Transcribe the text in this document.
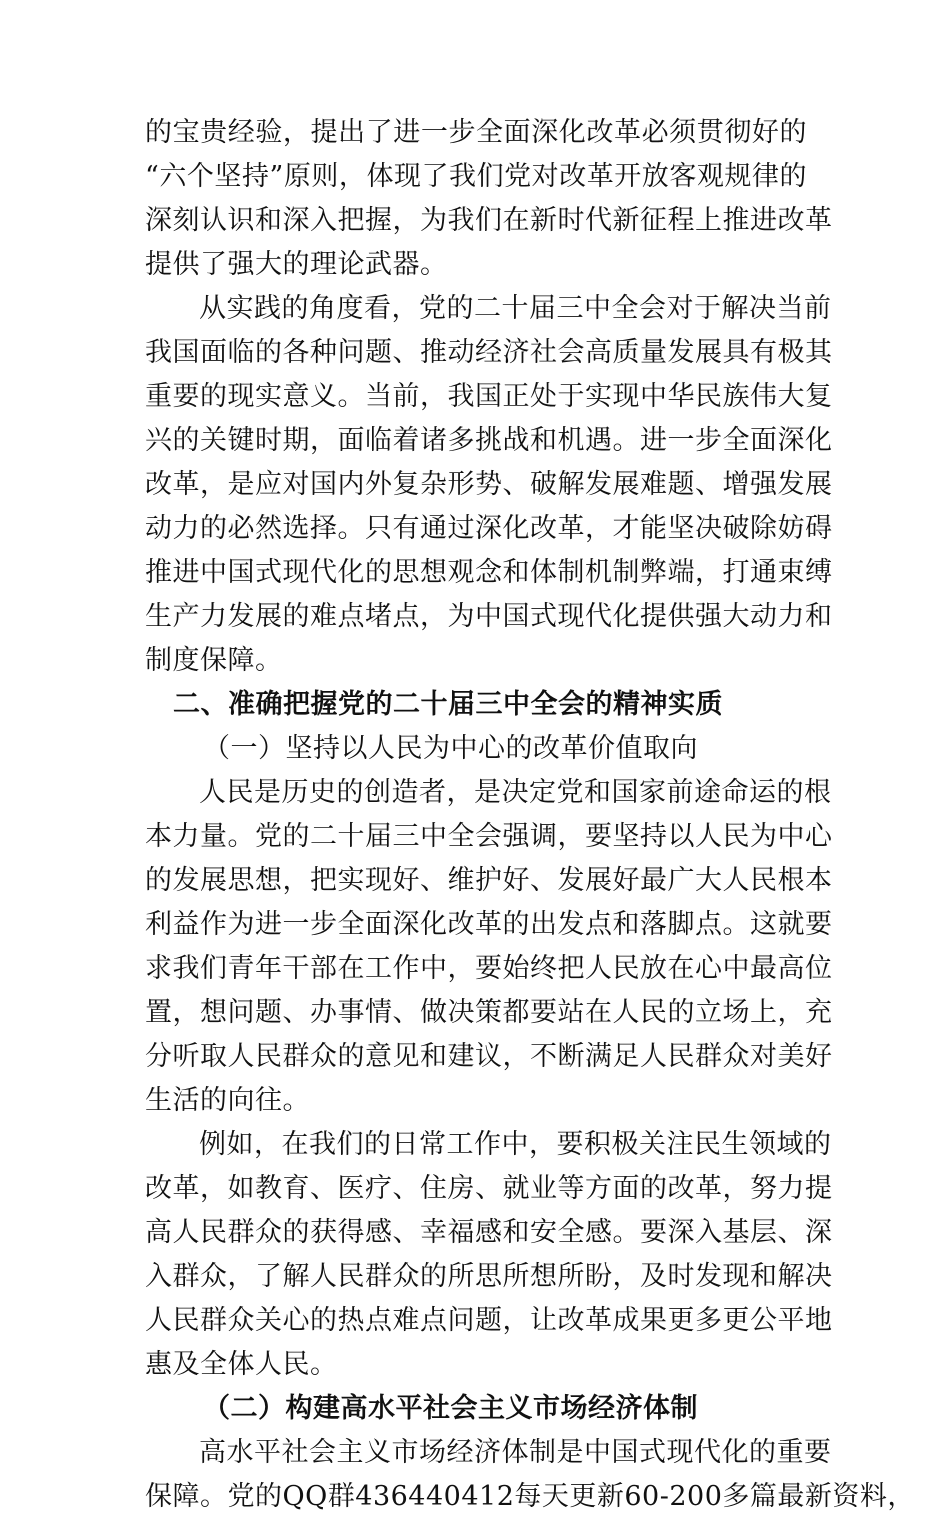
的宝贵经验，提出了进一步全面深化改革必须贯彻好的
“六个坚持”原则，体现了我们党对改革开放客观规律的
深刻认识和深入把握，为我们在新时代新征程上推进改革
提供了强大的理论武器。
从实践的角度看，党的二十届三中全会对于解决当前
我国面临的各种问题、推动经济社会高质量发展具有极其
重要的现实意义。当前，我国正处于实现中华民族伟大复
兴的关键时期，面临着诸多挑战和机遇。进一步全面深化
改革，是应对国内外复杂形势、破解发展难题、增强发展
动力的必然选择。只有通过深化改革，才能坚决破除妨碍
推进中国式现代化的思想观念和体制机制弊端，打通束缚
生产力发展的难点堵点，为中国式现代化提供强大动力和
制度保障。
二、准确把握党的二十届三中全会的精神实质
（一）坚持以人民为中心的改革价值取向
人民是历史的创造者，是决定党和国家前途命运的根
本力量。党的二十届三中全会强调，要坚持以人民为中心
的发展思想，把实现好、维护好、发展好最广大人民根本
利益作为进一步全面深化改革的出发点和落脚点。这就要
求我们青年干部在工作中，要始终把人民放在心中最高位
置，想问题、办事情、做决策都要站在人民的立场上，充
分听取人民群众的意见和建议，不断满足人民群众对美好
生活的向往。
例如，在我们的日常工作中，要积极关注民生领域的
改革，如教育、医疗、住房、就业等方面的改革，努力提
高人民群众的获得感、幸福感和安全感。要深入基层、深
入群众，了解人民群众的所思所想所盼，及时发现和解决
人民群众关心的热点难点问题，让改革成果更多更公平地
惠及全体人民。
（二）构建高水平社会主义市场经济体制
高水平社会主义市场经济体制是中国式现代化的重要
保障。党的QQ群436440412每天更新60-200多篇最新资料，
